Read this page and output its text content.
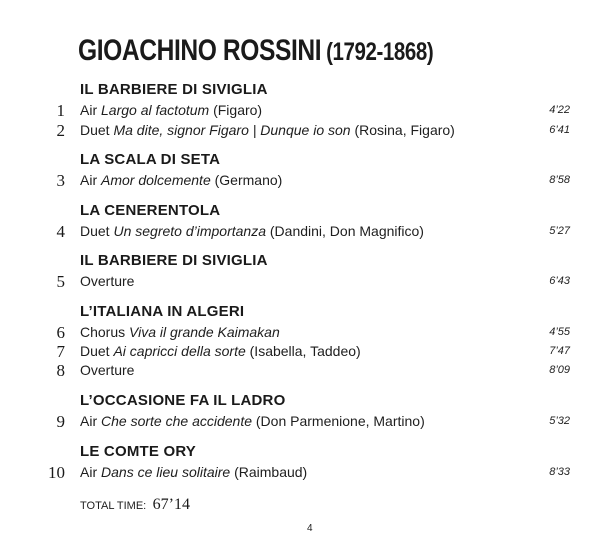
GIOACHINO ROSSINI (1792-1868)
IL BARBIERE DI SIVIGLIA
1 Air Largo al factotum (Figaro)	4’22
2 Duet Ma dite, signor Figaro | Dunque io son (Rosina, Figaro)	6’41
LA SCALA DI SETA
3 Air Amor dolcemente (Germano)	8’58
LA CENERENTOLA
4 Duet Un segreto d’importanza (Dandini, Don Magnifico)	5’27
IL BARBIERE DI SIVIGLIA
5 Overture	6’43
L’ITALIANA IN ALGERI
6 Chorus Viva il grande Kaimakan	4’55
7 Duet Ai capricci della sorte (Isabella, Taddeo)	7’47
8 Overture	8’09
L’OCCASIONE FA IL LADRO
9 Air Che sorte che accidente (Don Parmenione, Martino)	5’32
LE COMTE ORY
10 Air Dans ce lieu solitaire (Raimbaud)	8’33
TOTAL TIME: 67’14
4
